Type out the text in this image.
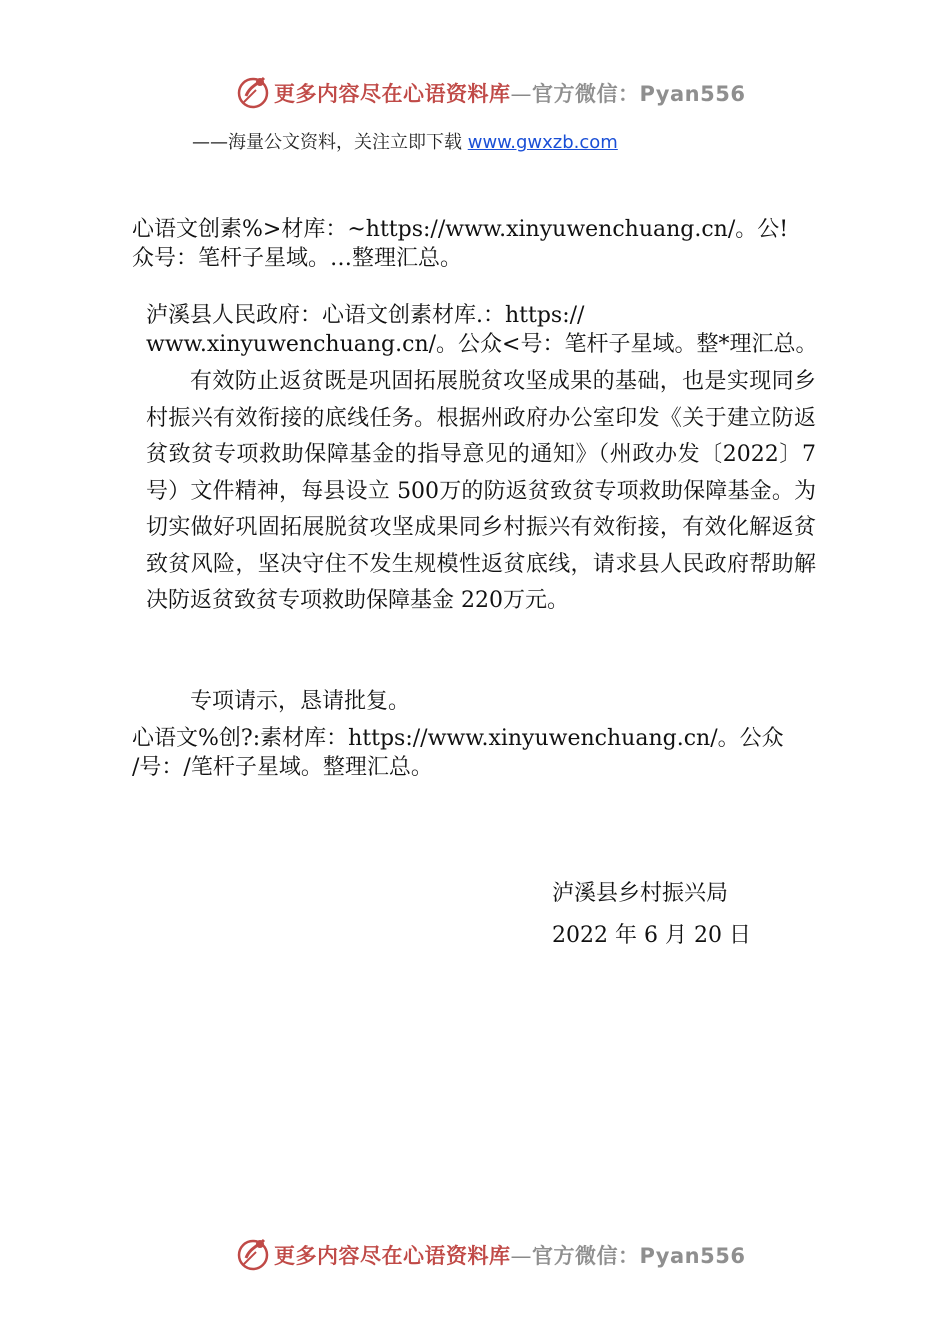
更多内容尽在心语资料库—官方微信：Pyan556
——海量公文资料，关注立即下载 www.gwxzb.com
心语文创素%>材库：~https://www.xinyuwenchuang.cn/。公!
众号：笔杆子星域。…整理汇总。
泸溪县人民政府：心语文创素材库.：https://
www.xinyuwenchuang.cn/。公众<号：笔杆子星域。整*理汇总。
有效防止返贫既是巩固拓展脱贫攻坚成果的基础，也是实现同乡村振兴有效衔接的底线任务。根据州政府办公室印发《关于建立防返贫致贫专项救助保障基金的指导意见的通知》（州政办发〔2022〕7号）文件精神，每县设立 500万的防返贫致贫专项救助保障基金。为切实做好巩固拓展脱贫攻坚成果同乡村振兴有效衔接，有效化解返贫致贫风险，坚决守住不发生规模性返贫底线，请求县人民政府帮助解决防返贫致贫专项救助保障基金 220万元。
专项请示，恳请批复。
心语文%创?:素材库：https://www.xinyuwenchuang.cn/。公众
/号：/笔杆子星域。整理汇总。
泸溪县乡村振兴局
2022 年 6 月 20 日
更多内容尽在心语资料库—官方微信：Pyan556
